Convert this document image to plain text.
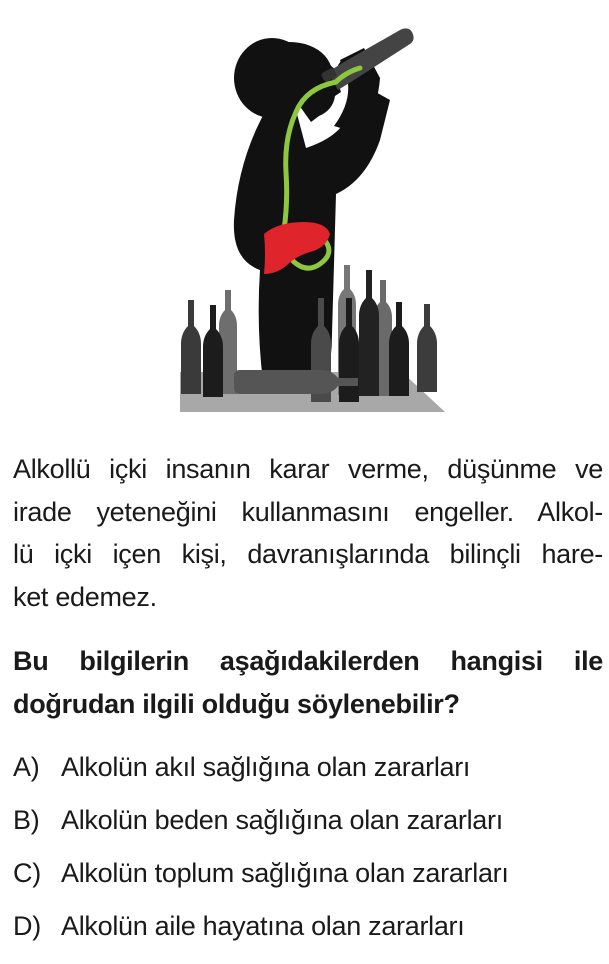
Alkollü içki insanın karar verme, düşünme ve
irade yeteneğini kullanmasını engeller. Alkol-
lü içki içen kişi, davranışlarında bilinçli hare-
ket edemez.
Bu bilgilerin aşağıdakilerden hangisi ile
doğrudan ilgili olduğu söylenebilir?
A) Alkolün akıl sağlığına olan zararları
B) Alkolün beden sağlığına olan zararları
C) Alkolün toplum sağlığına olan zararları
D) Alkolün aile hayatına olan zararları
